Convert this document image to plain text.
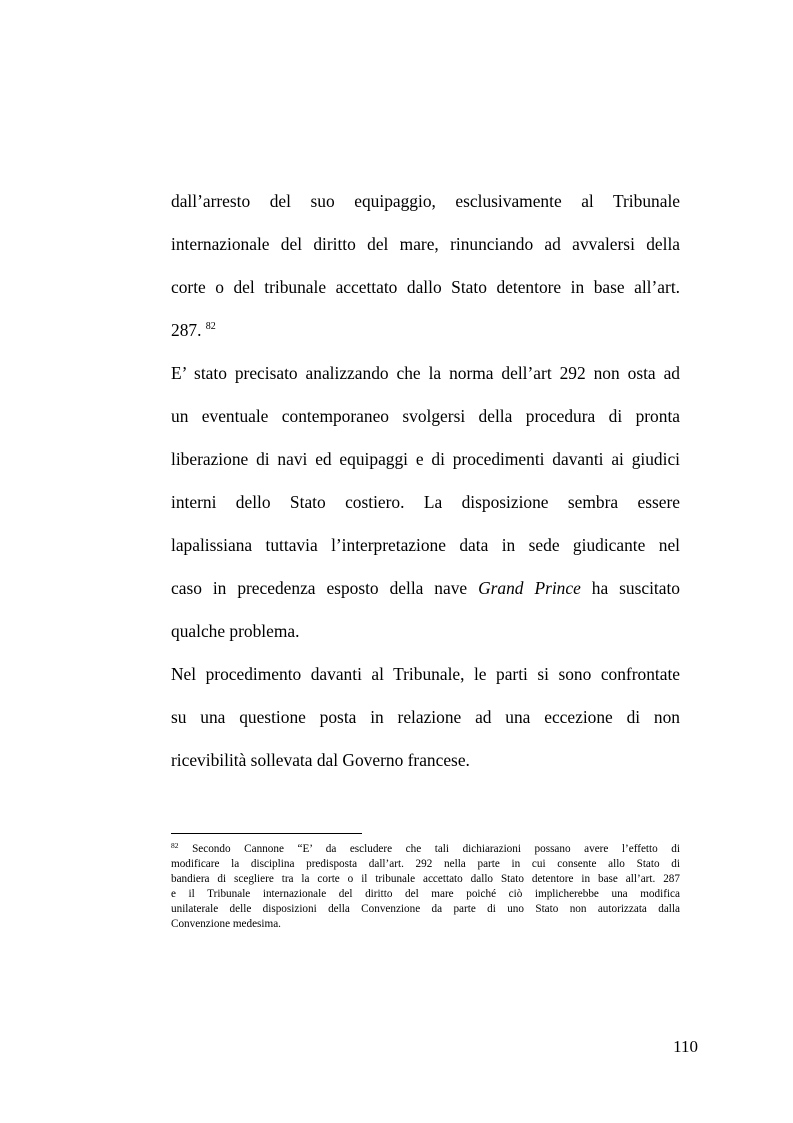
dall’arresto del suo equipaggio, esclusivamente al Tribunale
internazionale del diritto del mare, rinunciando ad avvalersi della
corte o del tribunale accettato dallo Stato detentore in base all’art.
287. $^{82}$
E’ stato precisato analizzando che la norma dell’art 292 non osta ad
un eventuale contemporaneo svolgersi della procedura di pronta
liberazione di navi ed equipaggi e di procedimenti davanti ai giudici
interni dello Stato costiero. La disposizione sembra essere
lapalissiana tuttavia l’interpretazione data in sede giudicante nel
caso in precedenza esposto della nave Grand Prince ha suscitato
qualche problema.
Nel procedimento davanti al Tribunale, le parti si sono confrontate
su una questione posta in relazione ad una eccezione di non
ricevibilità sollevata dal Governo francese.
$^{82}$ Secondo Cannone “E’ da escludere che tali dichiarazioni possano avere l’effetto di
modificare la disciplina predisposta dall’art. 292 nella parte in cui consente allo Stato di
bandiera di scegliere tra la corte o il tribunale accettato dallo Stato detentore in base all’art. 287
e il Tribunale internazionale del diritto del mare poiché ciò implicherebbe una modifica
unilaterale delle disposizioni della Convenzione da parte di uno Stato non autorizzata dalla
Convenzione medesima.
110
